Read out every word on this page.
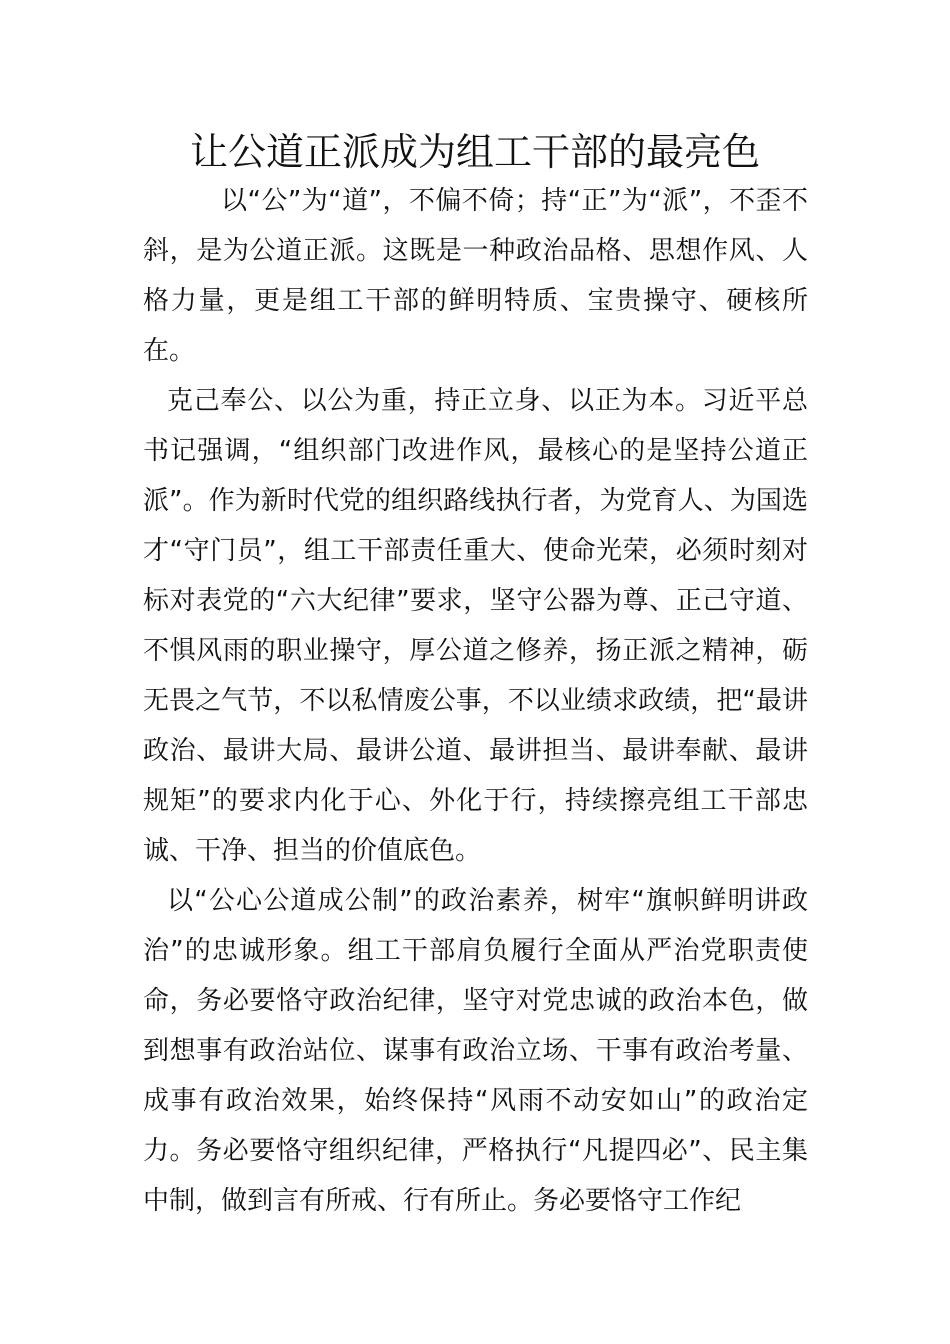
让公道正派成为组工干部的最亮色

以“公”为“道”，不偏不倚；持“正”为“派”，不歪不斜，是为公道正派。这既是一种政治品格、思想作风、人格力量，更是组工干部的鲜明特质、宝贵操守、硬核所在。

克己奉公、以公为重，持正立身、以正为本。习近平总书记强调，“组织部门改进作风，最核心的是坚持公道正派”。作为新时代党的组织路线执行者，为党育人、为国选才“守门员”，组工干部责任重大、使命光荣，必须时刻对标对表党的“六大纪律”要求，坚守公器为尊、正己守道、不惧风雨的职业操守，厚公道之修养，扬正派之精神，砺无畏之气节，不以私情废公事，不以业绩求政绩，把“最讲政治、最讲大局、最讲公道、最讲担当、最讲奉献、最讲规矩”的要求内化于心、外化于行，持续擦亮组工干部忠诚、干净、担当的价值底色。

以“公心公道成公制”的政治素养，树牢“旗帜鲜明讲政治”的忠诚形象。组工干部肩负履行全面从严治党职责使命，务必要恪守政治纪律，坚守对党忠诚的政治本色，做到想事有政治站位、谋事有政治立场、干事有政治考量、成事有政治效果，始终保持“风雨不动安如山”的政治定力。务必要恪守组织纪律，严格执行“凡提四必”、民主集中制，做到言有所戒、行有所止。务必要恪守工作纪
